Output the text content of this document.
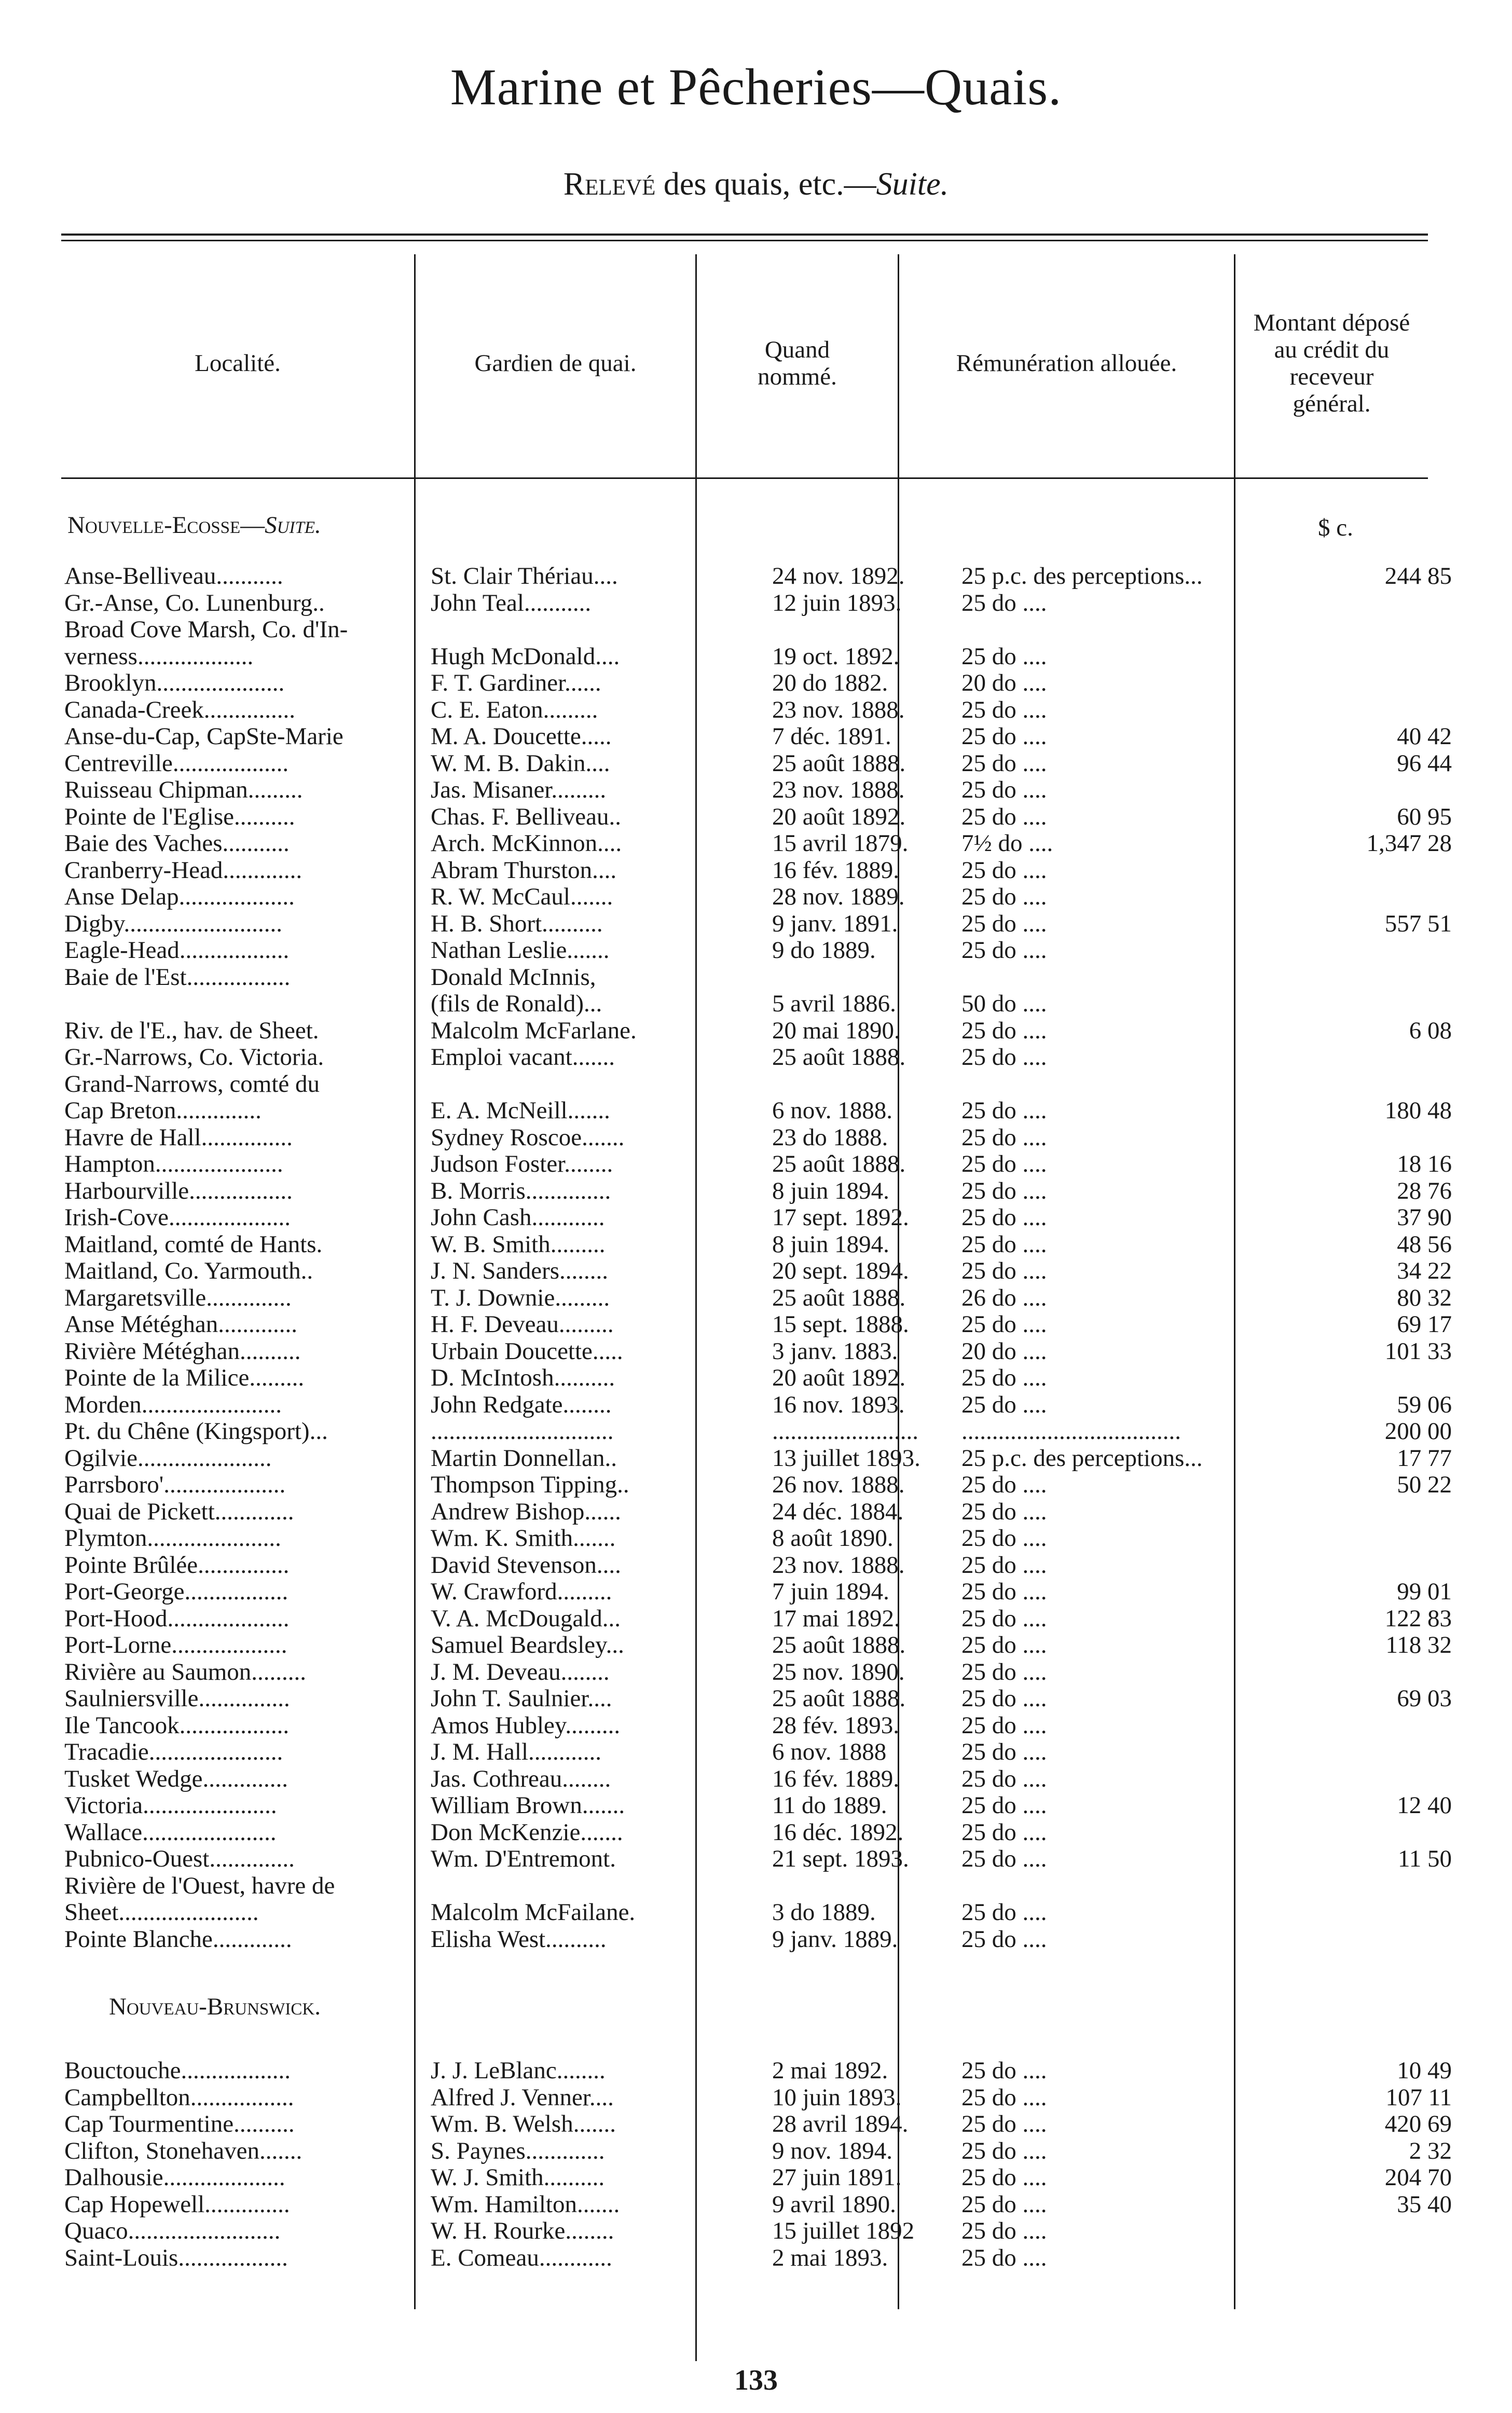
Marine et Pêcheries—Quais.
Relevé des quais, etc.—Suite.
Localité.	Gardien de quai.	Quand nommé.	Rémunération allouée.
Montant déposé au crédit du receveur général.
Nouvelle-Ecosse—Suite.	$ c.
Anse-Belliveau...........	St. Clair Thériau....	24 nov. 1892.	25 p.c. des perceptions...	244 85
Gr.-Anse, Co. Lunenburg..	John Teal...........	12 juin 1893.	25 do ....
Broad Cove Marsh, Co. d'In-
verness...................	Hugh McDonald....	19 oct. 1892.	25 do ....
Brooklyn.....................	F. T. Gardiner......	20 do 1882.	20 do ....
Canada-Creek...............	C. E. Eaton.........	23 nov. 1888.	25 do ....
Anse-du-Cap, CapSte-Marie	M. A. Doucette.....	7 déc. 1891.	25 do ....	40 42
Centreville...................	W. M. B. Dakin....	25 août 1888.	25 do ....	96 44
Ruisseau Chipman.........	Jas. Misaner.........	23 nov. 1888.	25 do ....
Pointe de l'Eglise..........	Chas. F. Belliveau..	20 août 1892.	25 do ....	60 95
Baie des Vaches...........	Arch. McKinnon....	15 avril 1879.	7½ do ....	1,347 28
Cranberry-Head.............	Abram Thurston....	16 fév. 1889.	25 do ....
Anse Delap...................	R. W. McCaul.......	28 nov. 1889.	25 do ....
Digby..........................	H. B. Short..........	9 janv. 1891.	25 do ....	557 51
Eagle-Head..................	Nathan Leslie.......	9 do 1889.	25 do ....
Baie de l'Est.................	Donald McInnis,
(fils de Ronald)...	5 avril 1886.	50 do ....
Riv. de l'E., hav. de Sheet.	Malcolm McFarlane.	20 mai 1890.	25 do ....	6 08
Gr.-Narrows, Co. Victoria.	Emploi vacant.......	25 août 1888.	25 do ....
Grand-Narrows, comté du
Cap Breton..............	E. A. McNeill.......	6 nov. 1888.	25 do ....	180 48
Havre de Hall...............	Sydney Roscoe.......	23 do 1888.	25 do ....
Hampton.....................	Judson Foster........	25 août 1888.	25 do ....	18 16
Harbourville.................	B. Morris..............	8 juin 1894.	25 do ....	28 76
Irish-Cove....................	John Cash............	17 sept. 1892.	25 do ....	37 90
Maitland, comté de Hants.	W. B. Smith.........	8 juin 1894.	25 do ....	48 56
Maitland, Co. Yarmouth..	J. N. Sanders........	20 sept. 1894.	25 do ....	34 22
Margaretsville..............	T. J. Downie.........	25 août 1888.	26 do ....	80 32
Anse Météghan.............	H. F. Deveau.........	15 sept. 1888.	25 do ....	69 17
Rivière Météghan..........	Urbain Doucette.....	3 janv. 1883.	20 do ....	101 33
Pointe de la Milice.........	D. McIntosh..........	20 août 1892.	25 do ....
Morden.......................	John Redgate........	16 nov. 1893.	25 do ....	59 06
Pt. du Chêne (Kingsport)...	..............................	........................	....................................	200 00
Ogilvie......................	Martin Donnellan..	13 juillet 1893.	25 p.c. des perceptions...	17 77
Parrsboro'....................	Thompson Tipping..	26 nov. 1888.	25 do ....	50 22
Quai de Pickett.............	Andrew Bishop......	24 déc. 1884.	25 do ....
Plymton......................	Wm. K. Smith.......	8 août 1890.	25 do ....
Pointe Brûlée...............	David Stevenson....	23 nov. 1888.	25 do ....
Port-George.................	W. Crawford.........	7 juin 1894.	25 do ....	99 01
Port-Hood....................	V. A. McDougald...	17 mai 1892.	25 do ....	122 83
Port-Lorne...................	Samuel Beardsley...	25 août 1888.	25 do ....	118 32
Rivière au Saumon.........	J. M. Deveau........	25 nov. 1890.	25 do ....
Saulniersville...............	John T. Saulnier....	25 août 1888.	25 do ....	69 03
Ile Tancook..................	Amos Hubley.........	28 fév. 1893.	25 do ....
Tracadie......................	J. M. Hall............	6 nov. 1888	25 do ....
Tusket Wedge..............	Jas. Cothreau........	16 fév. 1889.	25 do ....
Victoria......................	William Brown.......	11 do 1889.	25 do ....	12 40
Wallace......................	Don McKenzie.......	16 déc. 1892.	25 do ....
Pubnico-Ouest..............	Wm. D'Entremont.	21 sept. 1893.	25 do ....	11 50
Rivière de l'Ouest, havre de
Sheet.......................	Malcolm McFailane.	3 do 1889.	25 do ....
Pointe Blanche.............	Elisha West..........	9 janv. 1889.	25 do ....
Nouveau-Brunswick.
Bouctouche..................	J. J. LeBlanc........	2 mai 1892.	25 do ....	10 49
Campbellton.................	Alfred J. Venner....	10 juin 1893.	25 do ....	107 11
Cap Tourmentine..........	Wm. B. Welsh.......	28 avril 1894.	25 do ....	420 69
Clifton, Stonehaven.......	S. Paynes.............	9 nov. 1894.	25 do ....	2 32
Dalhousie....................	W. J. Smith..........	27 juin 1891.	25 do ....	204 70
Cap Hopewell..............	Wm. Hamilton.......	9 avril 1890.	25 do ....	35 40
Quaco.........................	W. H. Rourke........	15 juillet 1892	25 do ....
Saint-Louis..................	E. Comeau............	2 mai 1893.	25 do ....
133
